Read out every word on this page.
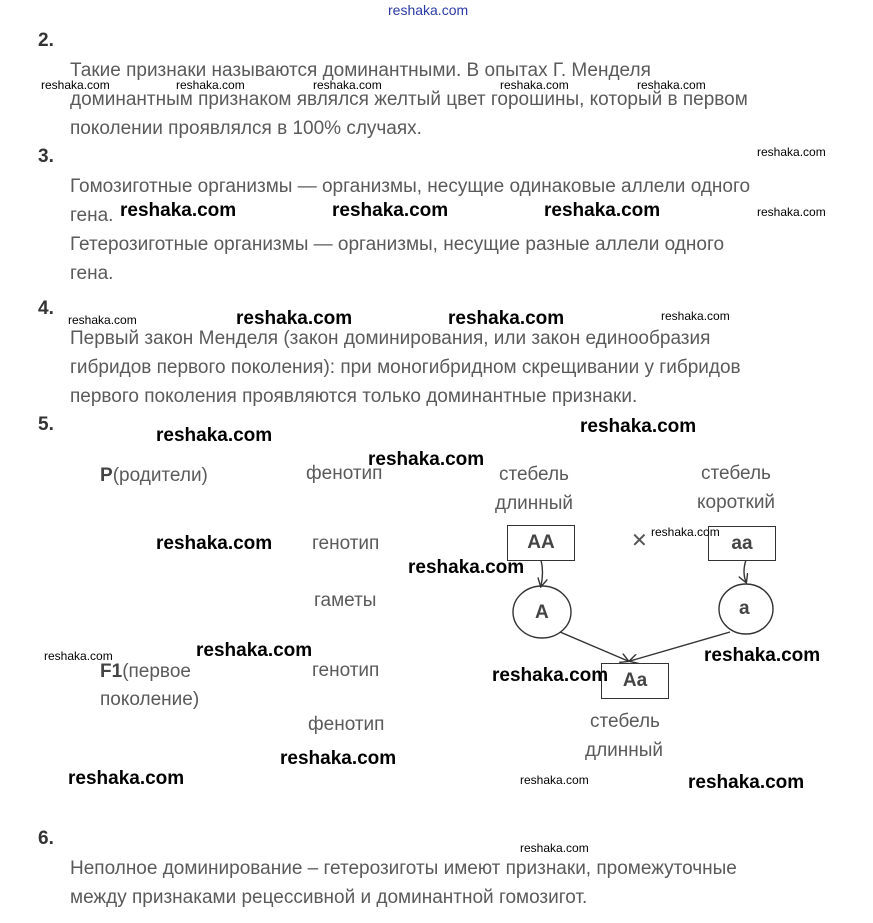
reshaka.com
2.
Такие признаки называются доминантными. В опытах Г. Менделя
доминантным признаком являлся желтый цвет горошины, который в первом
поколении проявлялся в 100% случаях.
3.
Гомозиготные организмы — организмы, несущие одинаковые аллели одного
гена.
Гетерозиготные организмы — организмы, несущие разные аллели одного
гена.
4.
Первый закон Менделя (закон доминирования, или закон единообразия
гибридов первого поколения): при моногибридном скрещивании у гибридов
первого поколения проявляются только доминантные признаки.
5.
P(родители)	фенотип
генотип
гаметы
F1(первое
поколение)
генотип
фенотип
стебель
длинный
стебель
короткий
AA	✕	aa
A	a
Aa
стебель
длинный
6.
Неполное доминирование – гетерозиготы имеют признаки, промежуточные
между признаками рецессивной и доминантной гомозигот.
reshaka.com	reshaka.com	reshaka.com	reshaka.com	reshaka.com
reshaka.com
reshaka.com
reshaka.com	reshaka.com
reshaka.com
reshaka.com
reshaka.com
reshaka.com
reshaka.com	reshaka.com	reshaka.com
reshaka.com	reshaka.com
reshaka.com	reshaka.com
reshaka.com
reshaka.com
reshaka.com
reshaka.com	reshaka.com
reshaka.com
reshaka.com
reshaka.com	reshaka.com
